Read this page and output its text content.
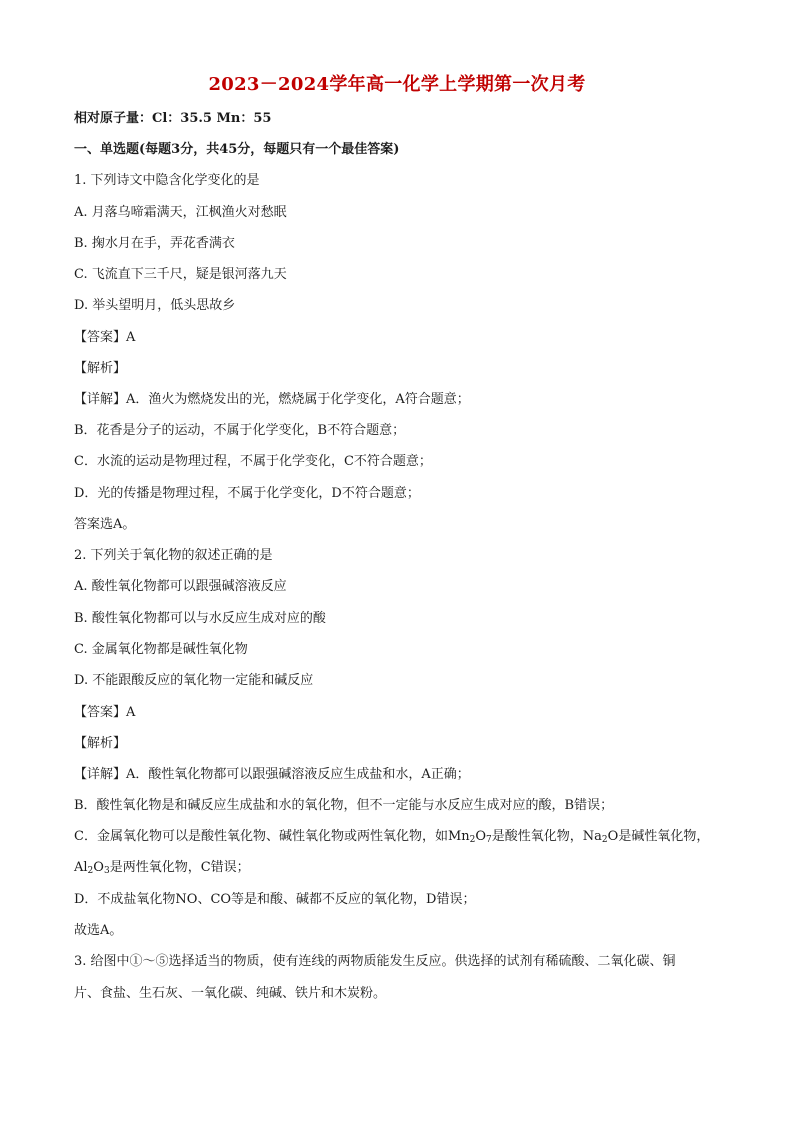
2023－2024学年高一化学上学期第一次月考
相对原子量：Cl：35.5 Mn：55
一、单选题(每题3分，共45分，每题只有一个最佳答案)
1. 下列诗文中隐含化学变化的是
A. 月落乌啼霜满天，江枫渔火对愁眠
B. 掬水月在手，弄花香满衣
C. 飞流直下三千尺，疑是银河落九天
D. 举头望明月，低头思故乡
【答案】A
【解析】
【详解】A．渔火为燃烧发出的光，燃烧属于化学变化，A符合题意；
B．花香是分子的运动，不属于化学变化，B不符合题意；
C．水流的运动是物理过程，不属于化学变化，C不符合题意；
D．光的传播是物理过程，不属于化学变化，D不符合题意；
答案选A。
2. 下列关于氧化物的叙述正确的是
A. 酸性氧化物都可以跟强碱溶液反应
B. 酸性氧化物都可以与水反应生成对应的酸
C. 金属氧化物都是碱性氧化物
D. 不能跟酸反应的氧化物一定能和碱反应
【答案】A
【解析】
【详解】A．酸性氧化物都可以跟强碱溶液反应生成盐和水，A正确；
B．酸性氧化物是和碱反应生成盐和水的氧化物，但不一定能与水反应生成对应的酸，B错误；
C．金属氧化物可以是酸性氧化物、碱性氧化物或两性氧化物，如$Mn_2O_7$是酸性氧化物，$Na_2O$是碱性氧化物，
$Al_2O_3$是两性氧化物，C错误；
D．不成盐氧化物NO、CO等是和酸、碱都不反应的氧化物，D错误；
故选A。
3. 给图中①～⑤选择适当的物质，使有连线的两物质能发生反应。供选择的试剂有稀硫酸、二氧化碳、铜
片、食盐、生石灰、一氧化碳、纯碱、铁片和木炭粉。
